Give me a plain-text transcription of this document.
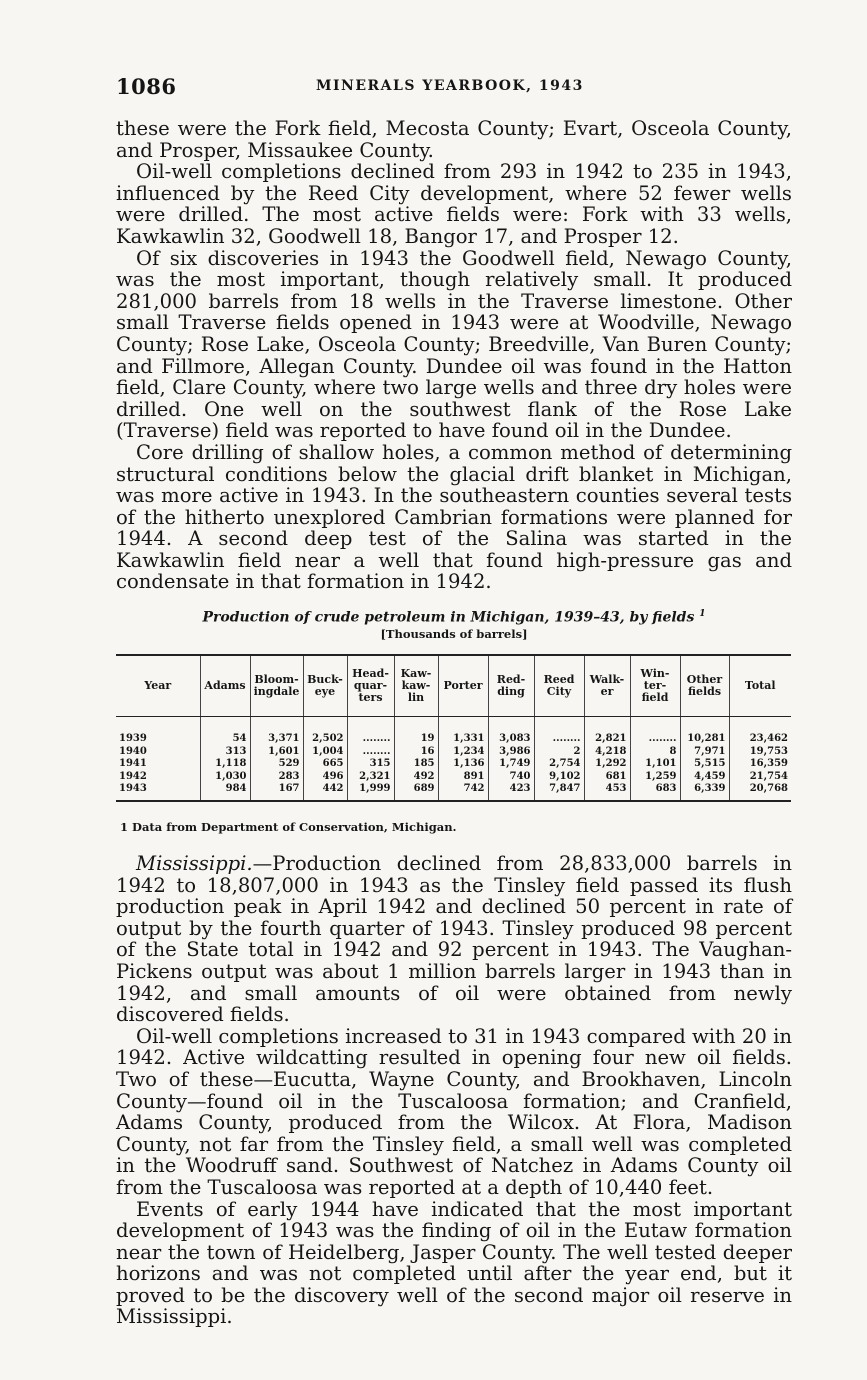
1086	MINERALS YEARBOOK, 1943

these were the Fork field, Mecosta County; Evart, Osceola County, and Prosper, Missaukee County.

Oil-well completions declined from 293 in 1942 to 235 in 1943, influenced by the Reed City development, where 52 fewer wells were drilled. The most active fields were: Fork with 33 wells, Kawkawlin 32, Goodwell 18, Bangor 17, and Prosper 12.

Of six discoveries in 1943 the Goodwell field, Newago County, was the most important, though relatively small. It produced 281,000 barrels from 18 wells in the Traverse limestone. Other small Traverse fields opened in 1943 were at Woodville, Newago County; Rose Lake, Osceola County; Breedville, Van Buren County; and Fillmore, Allegan County. Dundee oil was found in the Hatton field, Clare County, where two large wells and three dry holes were drilled. One well on the southwest flank of the Rose Lake (Traverse) field was reported to have found oil in the Dundee.

Core drilling of shallow holes, a common method of determining structural conditions below the glacial drift blanket in Michigan, was more active in 1943. In the southeastern counties several tests of the hitherto unexplored Cambrian formations were planned for 1944. A second deep test of the Salina was started in the Kawkawlin field near a well that found high-pressure gas and condensate in that formation in 1942.

Production of crude petroleum in Michigan, 1939–43, by fields $^1$
[Thousands of barrels]
Year	Adams	Bloom-ingdale	Buck-eye	Head-quar-ters	Kaw-kaw-lin	Porter	Red-ding	Reed City	Walk-er	Win-ter-field	Other fields	Total
1939	54	3,371	2,502	........	19	1,331	3,083	........	2,821	........	10,281	23,462
1940	313	1,601	1,004	........	16	1,234	3,986	2	4,218	8	7,971	19,753
1941	1,118	529	665	315	185	1,136	1,749	2,754	1,292	1,101	5,515	16,359
1942	1,030	283	496	2,321	492	891	740	9,102	681	1,259	4,459	21,754
1943	984	167	442	1,999	689	742	423	7,847	453	683	6,339	20,768
1 Data from Department of Conservation, Michigan.

Mississippi.—Production declined from 28,833,000 barrels in 1942 to 18,807,000 in 1943 as the Tinsley field passed its flush production peak in April 1942 and declined 50 percent in rate of output by the fourth quarter of 1943. Tinsley produced 98 percent of the State total in 1942 and 92 percent in 1943. The Vaughan-Pickens output was about 1 million barrels larger in 1943 than in 1942, and small amounts of oil were obtained from newly discovered fields.

Oil-well completions increased to 31 in 1943 compared with 20 in 1942. Active wildcatting resulted in opening four new oil fields. Two of these—Eucutta, Wayne County, and Brookhaven, Lincoln County—found oil in the Tuscaloosa formation; and Cranfield, Adams County, produced from the Wilcox. At Flora, Madison County, not far from the Tinsley field, a small well was completed in the Woodruff sand. Southwest of Natchez in Adams County oil from the Tuscaloosa was reported at a depth of 10,440 feet.

Events of early 1944 have indicated that the most important development of 1943 was the finding of oil in the Eutaw formation near the town of Heidelberg, Jasper County. The well tested deeper horizons and was not completed until after the year end, but it proved to be the discovery well of the second major oil reserve in Mississippi.
